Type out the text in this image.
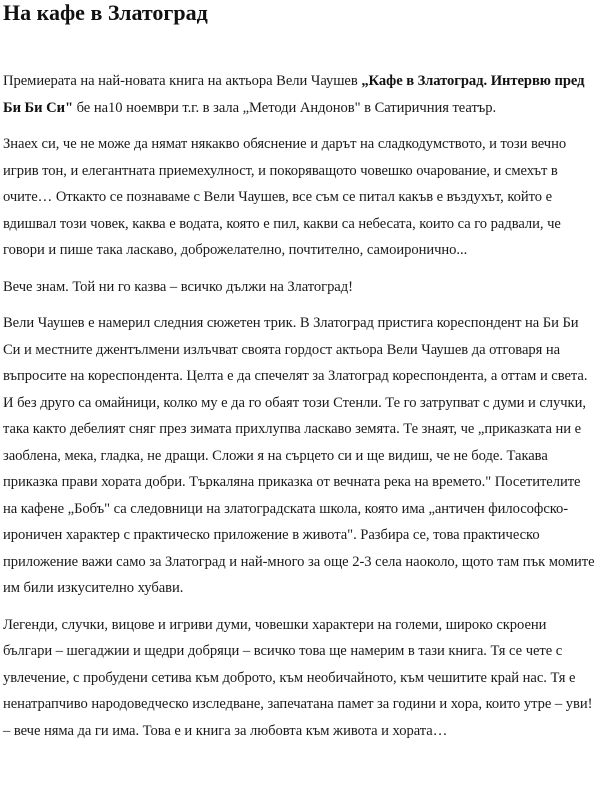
На кафе в Златоград

Премиерата на най-новата книга на актьора Вели Чаушев „Кафе в Златоград. Интервю пред Би Би Си" бе на10 ноември т.г. в зала „Методи Андонов" в Сатиричния театър.

Знаех си, че не може да нямат някакво обяснение и дарът на сладкодумството, и този вечно игрив тон, и елегантната приемехулност, и покоряващото човешко очарование, и смехът в очите… Откакто се познаваме с Вели Чаушев, все съм се питал какъв е въздухът, който е вдишвал този човек, каква е водата, която е пил, какви са небесата, които са го радвали, че говори и пише така ласкаво, доброжелателно, почтително, самоиронично...

Вече знам. Той ни го казва – всичко дължи на Златоград!

Вели Чаушев е намерил следния сюжетен трик. В Златоград пристига кореспондент на Би Би Си и местните джентълмени излъчват своята гордост актьора Вели Чаушев да отговаря на въпросите на кореспондента. Целта е да спечелят за Златоград кореспондента, а оттам и света. И без друго са омайници, колко му е да го обаят този Стенли. Те го затрупват с думи и случки, така както дебелият сняг през зимата прихлупва ласкаво земята. Те знаят, че „приказката ни е заоблена, мека, гладка, не дращи. Сложи я на сърцето си и ще видиш, че не боде. Такава приказка прави хората добри. Търкаляна приказка от вечната река на времето." Посетителите на кафене „Бобъ" са следовници на златоградската школа, която има „античен философско-ироничен характер с практическо приложение в живота". Разбира се, това практическо приложение важи само за Златоград и най-много за още 2-3 села наоколо, щото там пък момите им били изкусително хубави.

Легенди, случки, вицове и игриви думи, човешки характери на големи, широко скроени българи – шегаджии и щедри добряци – всичко това ще намерим в тази книга. Тя се чете с увлечение, с пробудени сетива към доброто, към необичайното, към чешитите край нас. Тя е ненатрапчиво народоведческо изследване, запечатана памет за години и хора, които утре – уви! – вече няма да ги има. Това е и книга за любовта към живота и хората…
